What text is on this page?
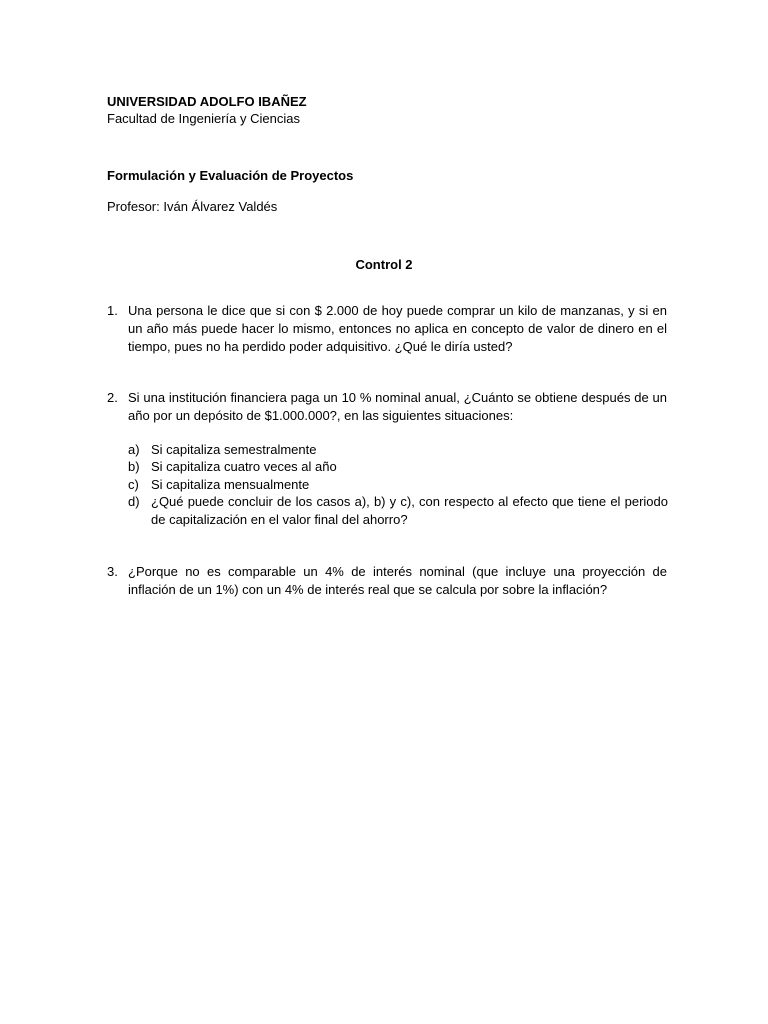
UNIVERSIDAD ADOLFO IBAÑEZ
Facultad de Ingeniería y Ciencias
Formulación y Evaluación de Proyectos
Profesor: Iván Álvarez Valdés
Control 2
1. Una persona le dice que si con $ 2.000 de hoy puede comprar un kilo de manzanas, y si en un año más puede hacer lo mismo, entonces no aplica en concepto de valor de dinero en el tiempo, pues no ha perdido poder adquisitivo. ¿Qué le diría usted?
2. Si una institución financiera paga un 10 % nominal anual, ¿Cuánto se obtiene después de un año por un depósito de $1.000.000?, en las siguientes situaciones:
a) Si capitaliza semestralmente
b) Si capitaliza cuatro veces al año
c) Si capitaliza mensualmente
d) ¿Qué puede concluir de los casos a), b) y c), con respecto al efecto que tiene el periodo de capitalización en el valor final del ahorro?
3. ¿Porque no es comparable un 4% de interés nominal (que incluye una proyección de inflación de un 1%) con un 4% de interés real que se calcula por sobre la inflación?
